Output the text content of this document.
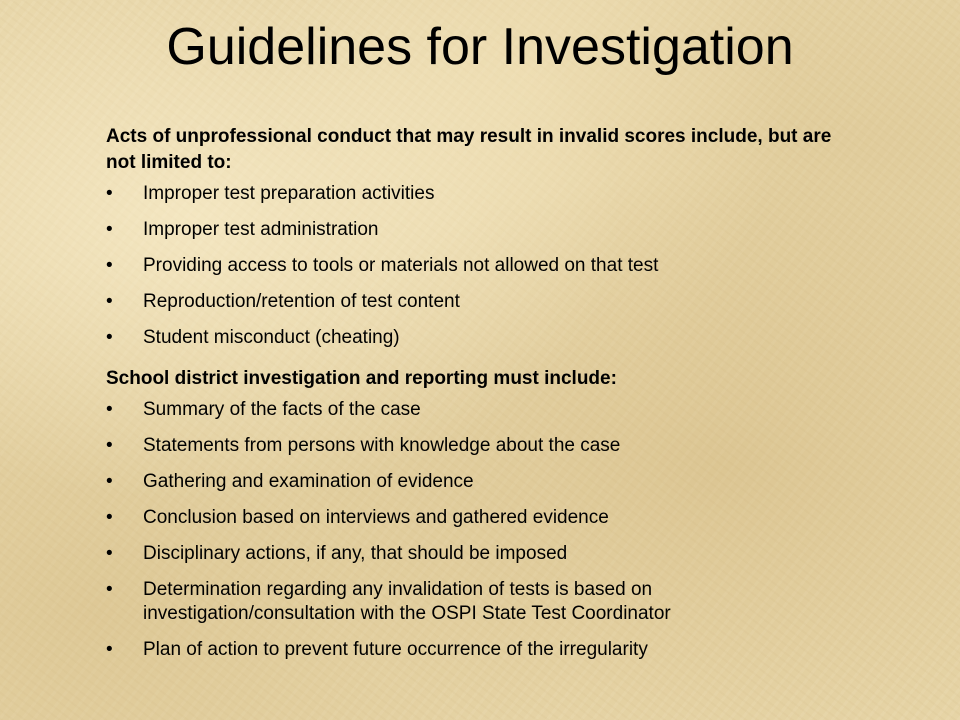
Guidelines for Investigation

Acts of unprofessional conduct that may result in invalid scores include, but are not limited to:

•	Improper test preparation activities
•	Improper test administration
•	Providing access to tools or materials not allowed on that test
•	Reproduction/retention of test content
•	Student misconduct (cheating)

School district investigation and reporting must include:

•	Summary of the facts of the case
•	Statements from persons with knowledge about the case
•	Gathering and examination of evidence
•	Conclusion based on interviews and gathered evidence
•	Disciplinary actions, if any, that should be imposed
•	Determination regarding any invalidation of tests is based on investigation/consultation with the OSPI State Test Coordinator
•	Plan of action to prevent future occurrence of the irregularity
